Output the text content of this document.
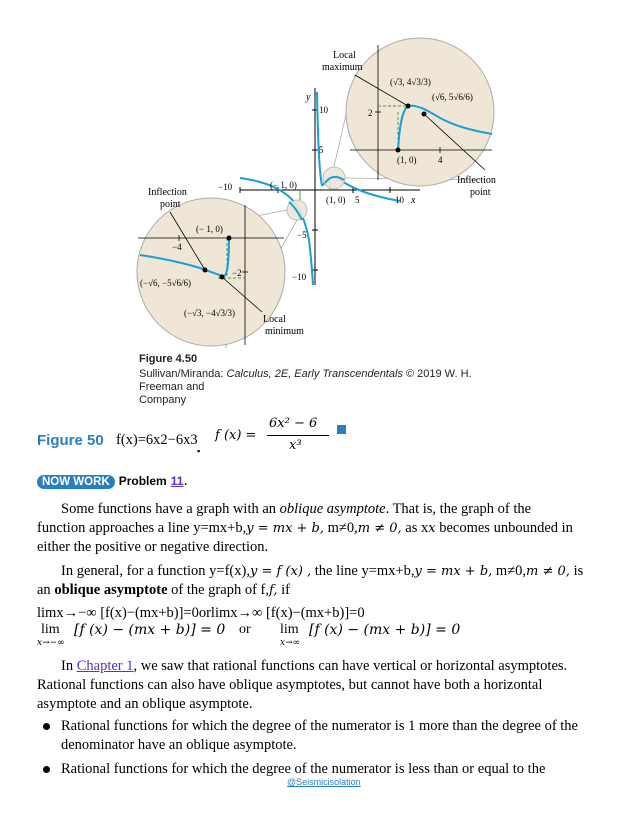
Local
maximum
Local
minimum
Inflection
point
Inflection
point
y
x
−10
5	10
10
5
−5
−10
(− 1, 0)
(1, 0)
(√3, 4√3/3)
(√6, 5√6/6)
(1, 0)
2
4
(− 1, 0)
−4
−2
(−√6, −5√6/6)
(−√3, −4√3/3)
Figure 4.50
Sullivan/Miranda: Calculus, 2E, Early Transcendentals © 2019 W. H. Freeman and
Company
Figure 50 f(x)=6x2−6x3
▪
f (x) =
6x² − 6
x³
NOW WORK Problem 11.
Some functions have a graph with an oblique asymptote. That is, the graph of the
function approaches a line y=mx+b,y = mx + b, m≠0,m ≠ 0, as xx becomes unbounded in
either the positive or negative direction.
In general, for a function y=f(x),y = f (x) , the line y=mx+b,y = mx + b, m≠0,m ≠ 0, is
an oblique asymptote of the graph of f,f, if
limx→−∞ [f(x)−(mx+b)]=0orlimx→∞ [f(x)−(mx+b)]=0
lim
x→−∞
[f (x) − (mx + b)] = 0 or lim
x→∞
[f (x) − (mx + b)] = 0
In Chapter 1, we saw that rational functions can have vertical or horizontal asymptotes.
Rational functions can also have oblique asymptotes, but cannot have both a horizontal
asymptote and an oblique asymptote.
Rational functions for which the degree of the numerator is 1 more than the degree of the
denominator have an oblique asymptote.
Rational functions for which the degree of the numerator is less than or equal to the
@Seismicisolation
